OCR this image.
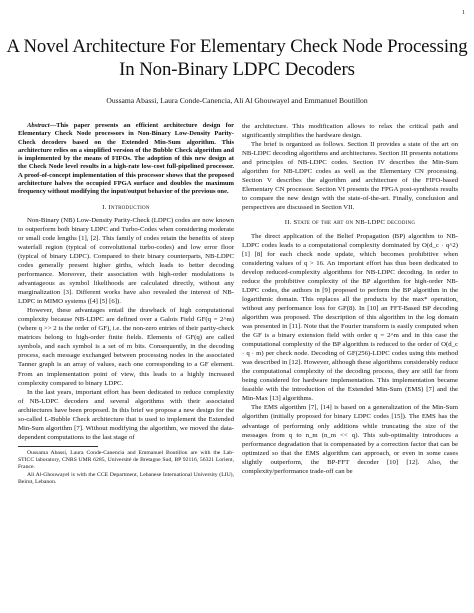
1
A Novel Architecture For Elementary Check Node Processing In Non-Binary LDPC Decoders
Oussama Abassi, Laura Conde-Canencia, Ali Al Ghouwayel and Emmanuel Boutillon

Abstract—This paper presents an efficient architecture design for Elementary Check Node processors in Non-Binary Low-Density Parity-Check decoders based on the Extended Min-Sum algorithm. This architecture relies on a simplified version of the Bubble Check algorithm and is implemented by the means of FIFOs. The adoption of this new design at the Check Node level results in a high-rate low-cost full-pipelined processor. A proof-of-concept implementation of this processor shows that the proposed architecture halves the occupied FPGA surface and doubles the maximum frequency without modifying the input/output behavior of the previous one.

I. Introduction

Non-Binary (NB) Low-Density Parity-Check (LDPC) codes are now known to outperform both binary LDPC and Turbo-Codes when considering moderate or small code lengths [1], [2]. This family of codes retain the benefits of steep waterfall region (typical of convolutional turbo-codes) and low error floor (typical of binary LDPC). Compared to their binary counterparts, NB-LDPC codes generally present higher girths, which leads to better decoding performance. Moreover, their association with high-order modulations is advantageous as symbol likelihoods are calculated directly, without any marginalization [3]. Different works have also revealed the interest of NB-LDPC in MIMO systems ([4] [5] [6]).

However, these advantages entail the drawback of high computational complexity because NB-LDPC are defined over a Galois Field GF(q = 2^m) (where q >> 2 is the order of GF), i.e. the non-zero entries of their parity-check matrices belong to high-order finite fields. Elements of GF(q) are called symbols, and each symbol is a set of m bits. Consequently, in the decoding process, each message exchanged between processing nodes in the associated Tanner graph is an array of values, each one corresponding to a GF element. From an implementation point of view, this leads to a highly increased complexity compared to binary LDPC.

In the last years, important effort has been dedicated to reduce complexity of NB-LDPC decoders and several algorithms with their associated architectures have been proposed. In this brief we propose a new design for the so-called L-Bubble Check architecture that is used to implement the Extended Min-Sum algorithm [7]. Without modifying the algorithm, we moved the data-dependent computations to the last stage of

Oussama Abassi, Laura Conde-Canencia and Emmanuel Boutillon are with the Lab-STICC laboratory, CNRS UMR 6285, Université de Bretagne Sud, BP 92116, 56321 Lorient, France.

Ali Al-Ghouwayel is with the CCE Department, Lebanese International University (LIU), Beirut, Lebanon.

the architecture. This modification allows to relax the critical path and significantly simplifies the hardware design.

The brief is organized as follows. Section II provides a state of the art on NB-LDPC decoding algorithms and architectures. Section III presents notations and principles of NB-LDPC codes. Section IV describes the Min-Sum algorithm for NB-LDPC codes as well as the Elementary CN processing. Section V describes the algorithm and architecture of the FIFO-based Elementary CN processor. Section VI presents the FPGA post-synthesis results to compare the new design with the state-of-the-art. Finally, conclusion and perspectives are discussed in Section VII.

II. State of the art on NB-LDPC decoding

The direct application of the Belief Propagation (BP) algorithm to NB-LDPC codes leads to a computational complexity dominated by O(d_c · q^2) [1] [8] for each check node update, which becomes prohibitive when considering values of q > 16. An important effort has thus been dedicated to develop reduced-complexity algorithms for NB-LDPC decoding. In order to reduce the prohibitive complexity of the BP algorithm for high-order NB-LDPC codes, the authors in [9] proposed to perform the BP algorithm in the logarithmic domain. This replaces all the products by the max* operation, without any performance loss for GF(8). In [10] an FFT-Based BP decoding algorithm was proposed. The description of this algorithm in the log domain was presented in [11]. Note that the Fourier transform is easily computed when the GF is a binary extension field with order q = 2^m and in this case the computational complexity of the BP algorithm is reduced to the order of O(d_c · q · m) per check node. Decoding of GF(256)-LDPC codes using this method was described in [12]. However, although these algorithms considerably reduce the computational complexity of the decoding process, they are still far from being considered for hardware implementation. This implementation became feasible with the introduction of the Extended Min-Sum (EMS) [7] and the Min-Max [13] algorithms.

The EMS algorithm [7], [14] is based on a generalization of the Min-Sum algorithm (initially proposed for binary LDPC codes [15]). The EMS has the advantage of performing only additions while truncating the size of the messages from q to n_m (n_m << q). This sub-optimality introduces a performance degradation that is compensated by a correction factor that can be optimized so that the EMS algorithm can approach, or even in some cases slightly outperform, the BP-FFT decoder [10] [12]. Also, the complexity/performance trade-off can be
